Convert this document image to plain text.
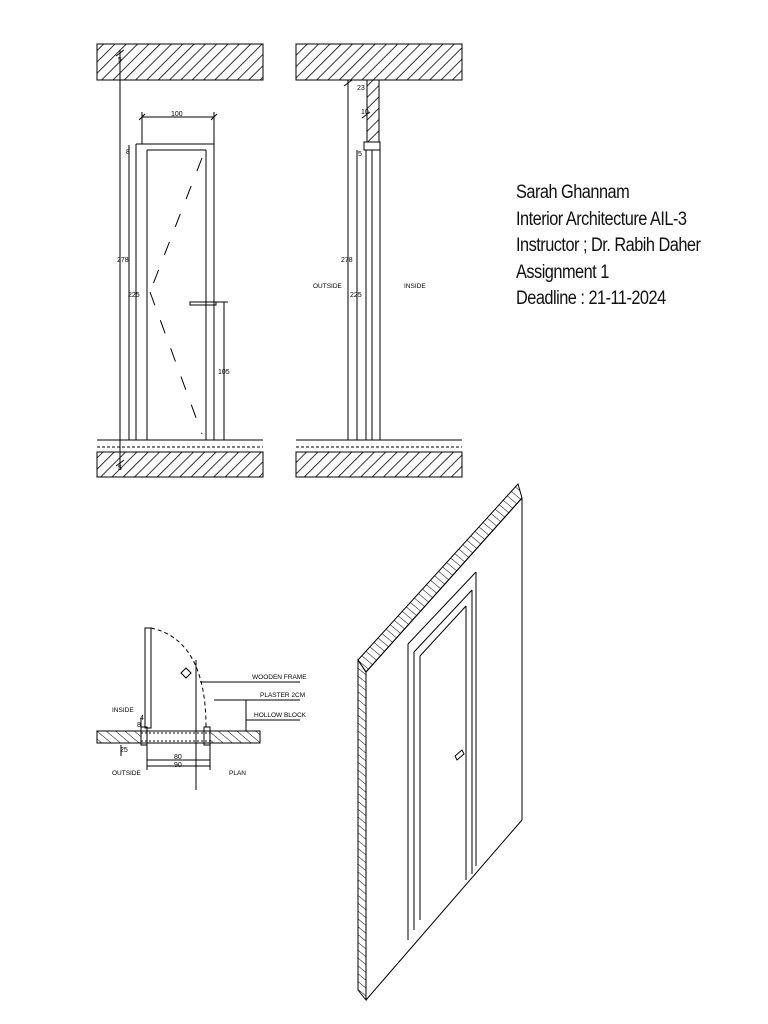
100
8
278
225
105
5
5
23
10
5
278
225
OUTSIDE	INSIDE
INSIDE
OUTSIDE	PLAN
WOODEN FRAME
PLASTER 2CM
HOLLOW BLOCK
4
8
25
80
90
Sarah Ghannam
Interior Architecture AIL-3
Instructor ; Dr. Rabih Daher
Assignment 1
Deadline : 21-11-2024
